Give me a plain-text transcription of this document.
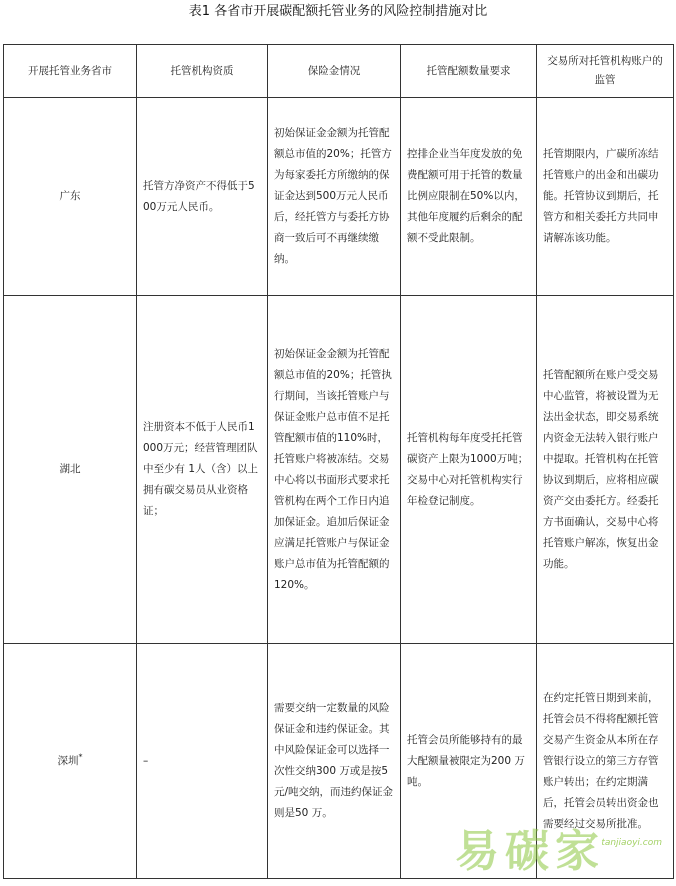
表1 各省市开展碳配额托管业务的风险控制措施对比
开展托管业务省市	托管机构资质	保险金情况	托管配额数量要求	交易所对托管机构账户的监管
广东	托管方净资产不得低于500万元人民币。	初始保证金金额为托管配额总市值的20%；托管方为每家委托方所缴纳的保证金达到500万元人民币后，经托管方与委托方协商一致后可不再继续缴纳。	控排企业当年度发放的免费配额可用于托管的数量比例应限制在50%以内，其他年度履约后剩余的配额不受此限制。	托管期限内，广碳所冻结托管账户的出金和出碳功能。托管协议到期后，托管方和相关委托方共同申请解冻该功能。
湖北	注册资本不低于人民币1000万元；经营管理团队中至少有 1人（含）以上拥有碳交易员从业资格证；	初始保证金金额为托管配额总市值的20%；托管执行期间，当该托管账户与保证金账户总市值不足托管配额市值的110%时，托管账户将被冻结。交易中心将以书面形式要求托管机构在两个工作日内追加保证金。追加后保证金应满足托管账户与保证金账户总市值为托管配额的120%。	托管机构每年度受托托管碳资产上限为1000万吨；交易中心对托管机构实行年检登记制度。	托管配额所在账户受交易中心监管，将被设置为无法出金状态，即交易系统内资金无法转入银行账户中提取。托管机构在托管协议到期后，应将相应碳资产交由委托方。经委托方书面确认，交易中心将托管账户解冻，恢复出金功能。
深圳*	–	需要交纳一定数量的风险保证金和违约保证金。其中风险保证金可以选择一次性交纳300 万或是按5 元/吨交纳，而违约保证金则是50 万。	托管会员所能够持有的最大配额量被限定为200 万吨。	在约定托管日期到来前，托管会员不得将配额托管交易产生资金从本所在存管银行设立的第三方存管账户转出；在约定期满后，托管会员转出资金也需要经过交易所批准。
易碳家
tanjiaoyi.com
